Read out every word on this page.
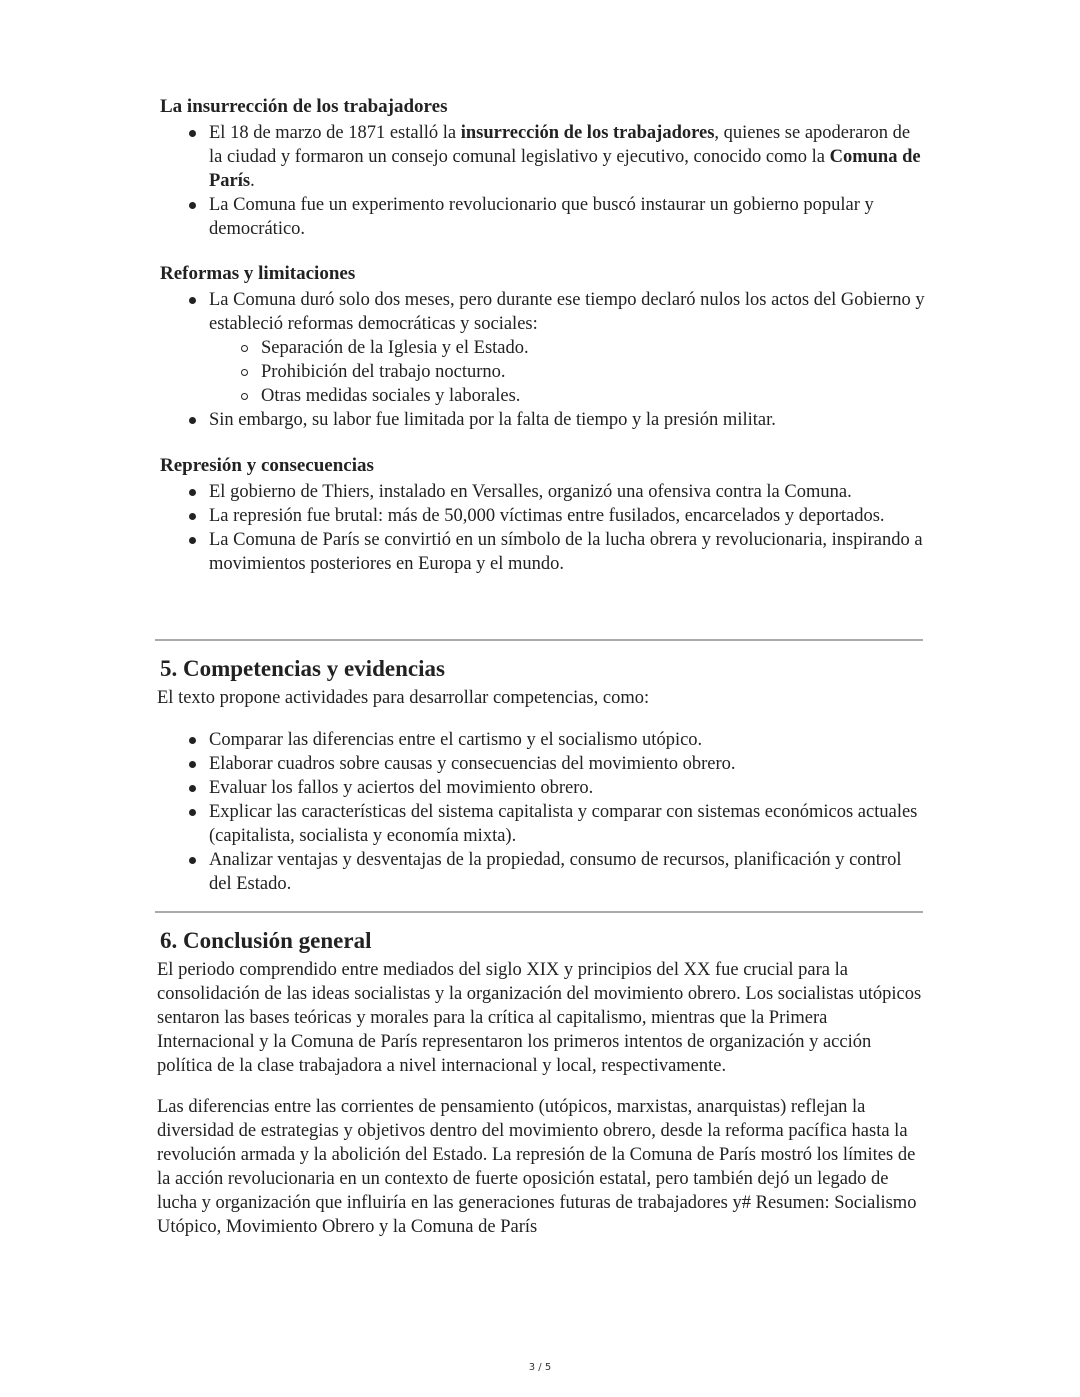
La insurrección de los trabajadores
El 18 de marzo de 1871 estalló la insurrección de los trabajadores, quienes se apoderaron de la ciudad y formaron un consejo comunal legislativo y ejecutivo, conocido como la Comuna de París.
La Comuna fue un experimento revolucionario que buscó instaurar un gobierno popular y democrático.
Reformas y limitaciones
La Comuna duró solo dos meses, pero durante ese tiempo declaró nulos los actos del Gobierno y estableció reformas democráticas y sociales:
Separación de la Iglesia y el Estado.
Prohibición del trabajo nocturno.
Otras medidas sociales y laborales.
Sin embargo, su labor fue limitada por la falta de tiempo y la presión militar.
Represión y consecuencias
El gobierno de Thiers, instalado en Versalles, organizó una ofensiva contra la Comuna.
La represión fue brutal: más de 50,000 víctimas entre fusilados, encarcelados y deportados.
La Comuna de París se convirtió en un símbolo de la lucha obrera y revolucionaria, inspirando a movimientos posteriores en Europa y el mundo.
5. Competencias y evidencias

El texto propone actividades para desarrollar competencias, como:

Comparar las diferencias entre el cartismo y el socialismo utópico.
Elaborar cuadros sobre causas y consecuencias del movimiento obrero.
Evaluar los fallos y aciertos del movimiento obrero.
Explicar las características del sistema capitalista y comparar con sistemas económicos actuales (capitalista, socialista y economía mixta).
Analizar ventajas y desventajas de la propiedad, consumo de recursos, planificación y control del Estado.
6. Conclusión general

El periodo comprendido entre mediados del siglo XIX y principios del XX fue crucial para la consolidación de las ideas socialistas y la organización del movimiento obrero. Los socialistas utópicos sentaron las bases teóricas y morales para la crítica al capitalismo, mientras que la Primera Internacional y la Comuna de París representaron los primeros intentos de organización y acción política de la clase trabajadora a nivel internacional y local, respectivamente.

Las diferencias entre las corrientes de pensamiento (utópicos, marxistas, anarquistas) reflejan la diversidad de estrategias y objetivos dentro del movimiento obrero, desde la reforma pacífica hasta la revolución armada y la abolición del Estado. La represión de la Comuna de París mostró los límites de la acción revolucionaria en un contexto de fuerte oposición estatal, pero también dejó un legado de lucha y organización que influiría en las generaciones futuras de trabajadores y# Resumen: Socialismo Utópico, Movimiento Obrero y la Comuna de París

3 / 5
